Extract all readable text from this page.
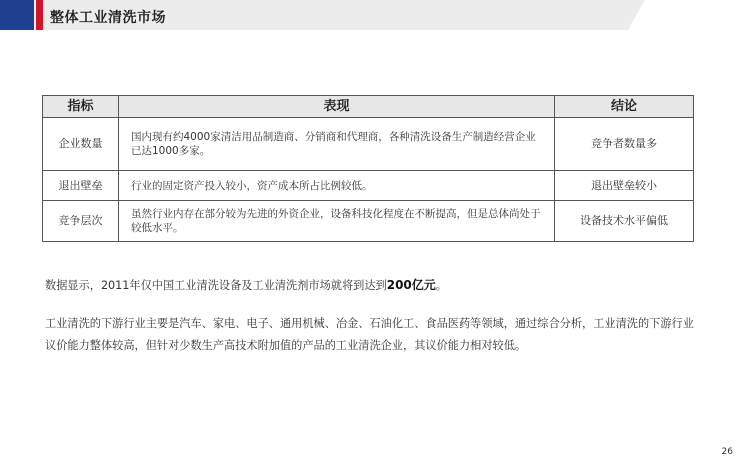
整体工业清洗市场
指标	表现	结论
企业数量	国内现有约4000家清洁用品制造商、分销商和代理商，各种清洗设备生产制造经营企业已达1000多家。	竞争者数量多
退出壁垒	行业的固定资产投入较小，资产成本所占比例较低。	退出壁垒较小
竞争层次	虽然行业内存在部分较为先进的外资企业，设备科技化程度在不断提高，但是总体尚处于较低水平。	设备技术水平偏低
数据显示，2011年仅中国工业清洗设备及工业清洗剂市场就将到达到200亿元。
工业清洗的下游行业主要是汽车、家电、电子、通用机械、冶金、石油化工、食品医药等领域，通过综合分析，工业清洗的下游行业议价能力整体较高，但针对少数生产高技术附加值的产品的工业清洗企业，其议价能力相对较低。
26
